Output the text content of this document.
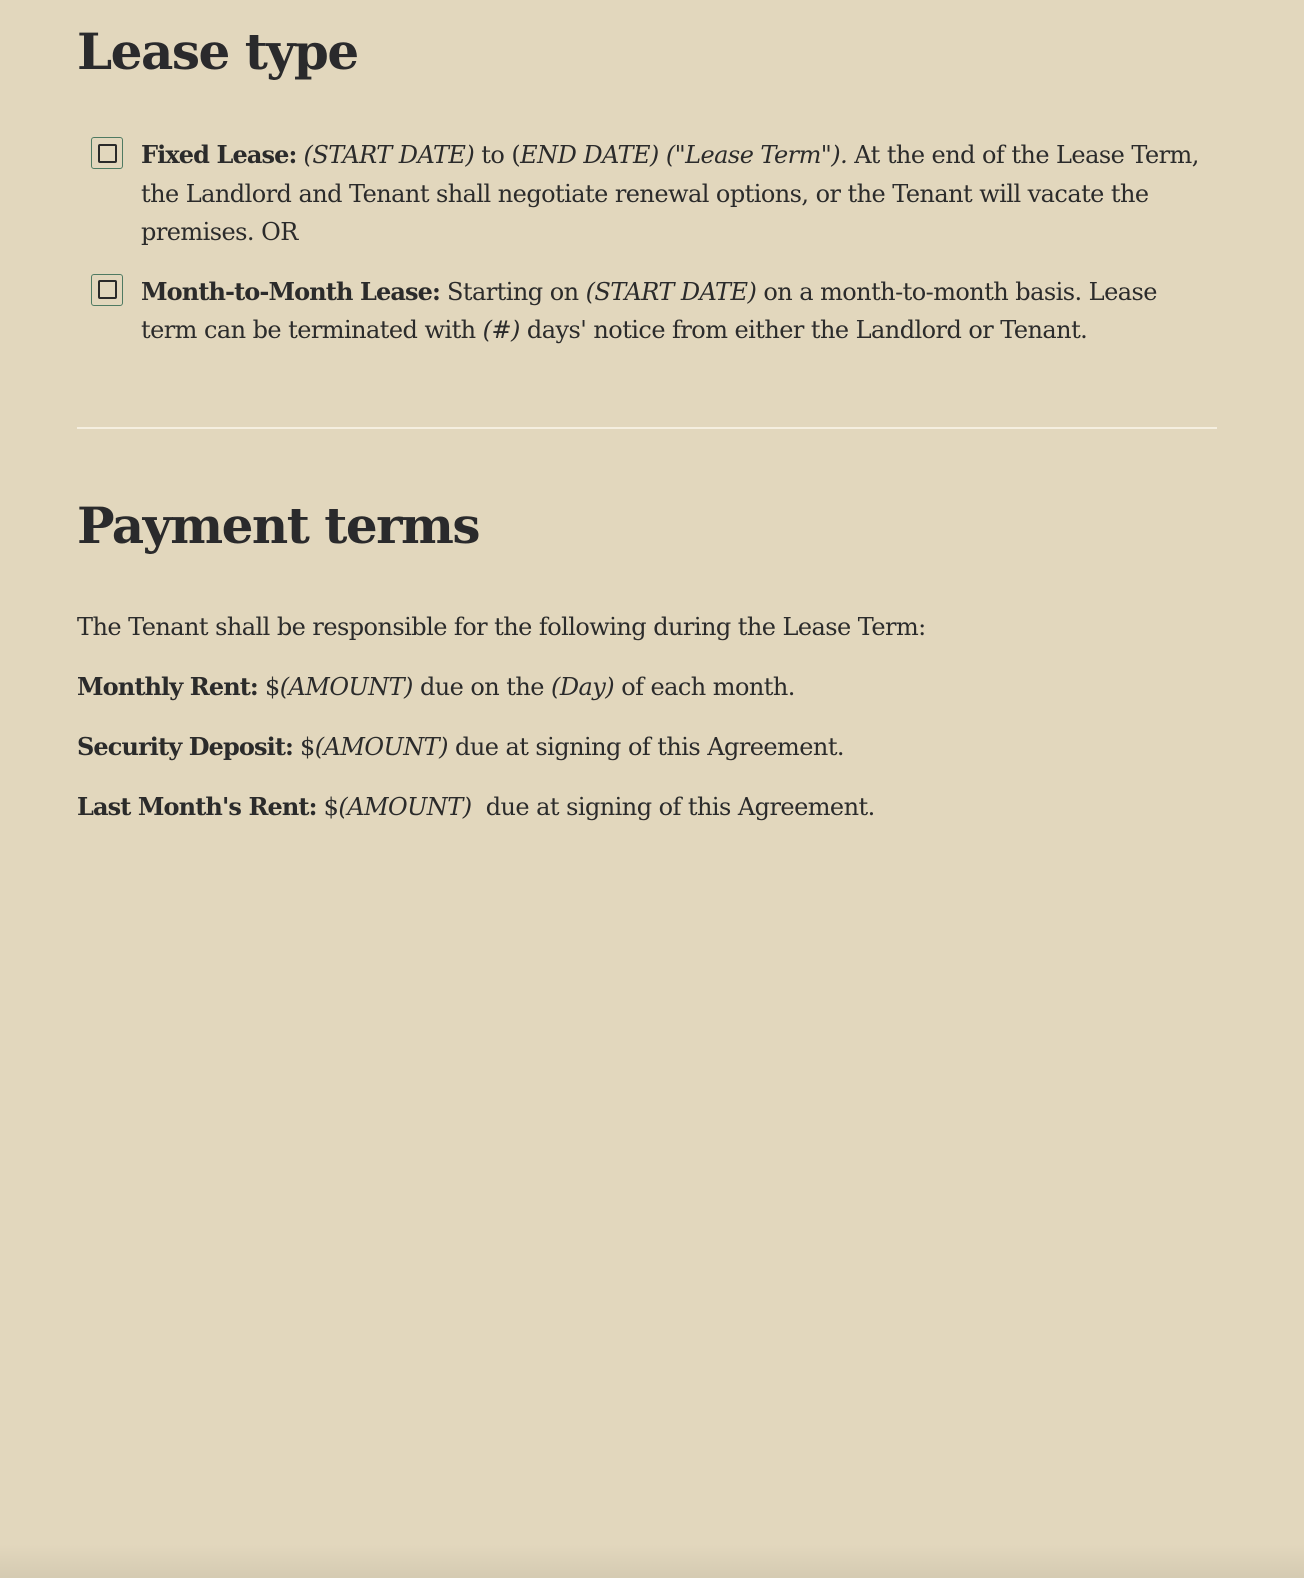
Lease type
Fixed Lease: (START DATE) to (END DATE) ("Lease Term"). At the end of the Lease Term, the Landlord and Tenant shall negotiate renewal options, or the Tenant will vacate the premises. OR
Month-to-Month Lease: Starting on (START DATE) on a month-to-month basis. Lease term can be terminated with (#) days' notice from either the Landlord or Tenant.
Payment terms

The Tenant shall be responsible for the following during the Lease Term:

Monthly Rent: $(AMOUNT) due on the (Day) of each month.

Security Deposit: $(AMOUNT) due at signing of this Agreement.

Last Month's Rent: $(AMOUNT)  due at signing of this Agreement.
